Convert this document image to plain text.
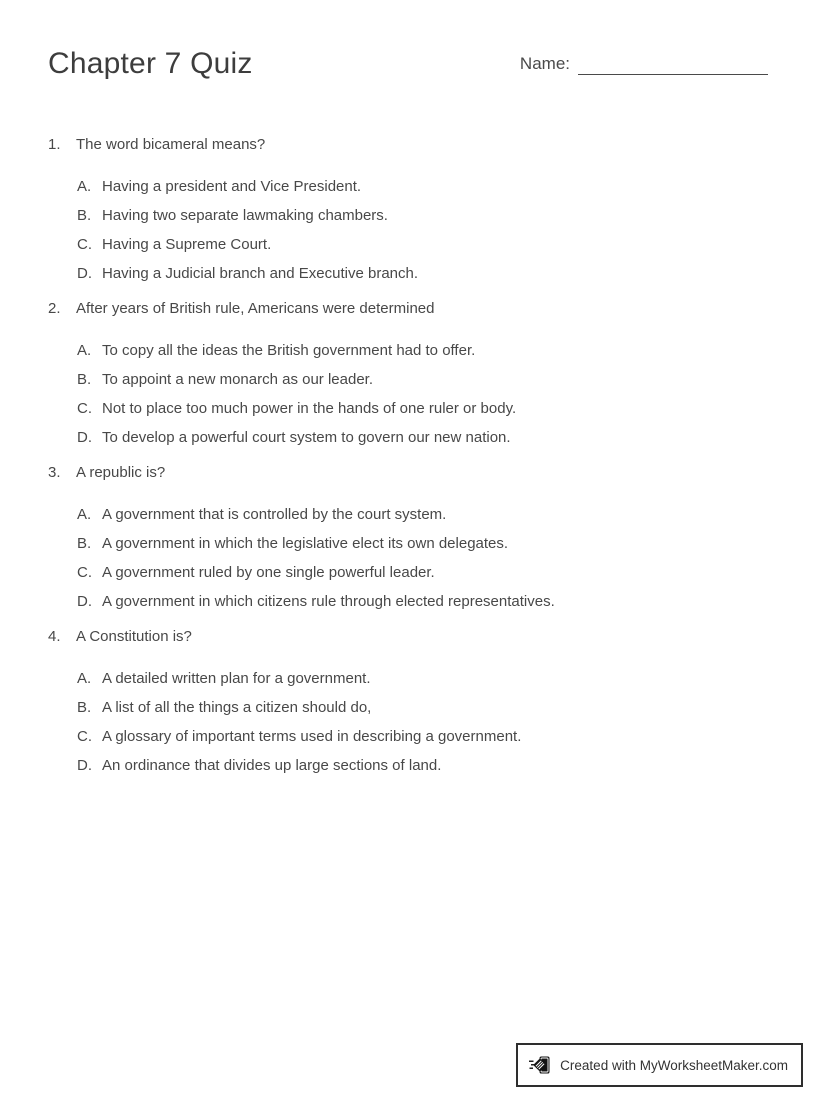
Chapter 7 Quiz	Name:
1.	The word bicameral means?
A. Having a president and Vice President.
B. Having two separate lawmaking chambers.
C. Having a Supreme Court.
D. Having a Judicial branch and Executive branch.
2.	After years of British rule, Americans were determined
A. To copy all the ideas the British government had to offer.
B. To appoint a new monarch as our leader.
C. Not to place too much power in the hands of one ruler or body.
D. To develop a powerful court system to govern our new nation.
3.	A republic is?
A. A government that is controlled by the court system.
B. A government in which the legislative elect its own delegates.
C. A government ruled by one single powerful leader.
D. A government in which citizens rule through elected representatives.
4.	A Constitution is?
A. A detailed written plan for a government.
B. A list of all the things a citizen should do,
C. A glossary of important terms used in describing a government.
D. An ordinance that divides up large sections of land.
Created with MyWorksheetMaker.com
